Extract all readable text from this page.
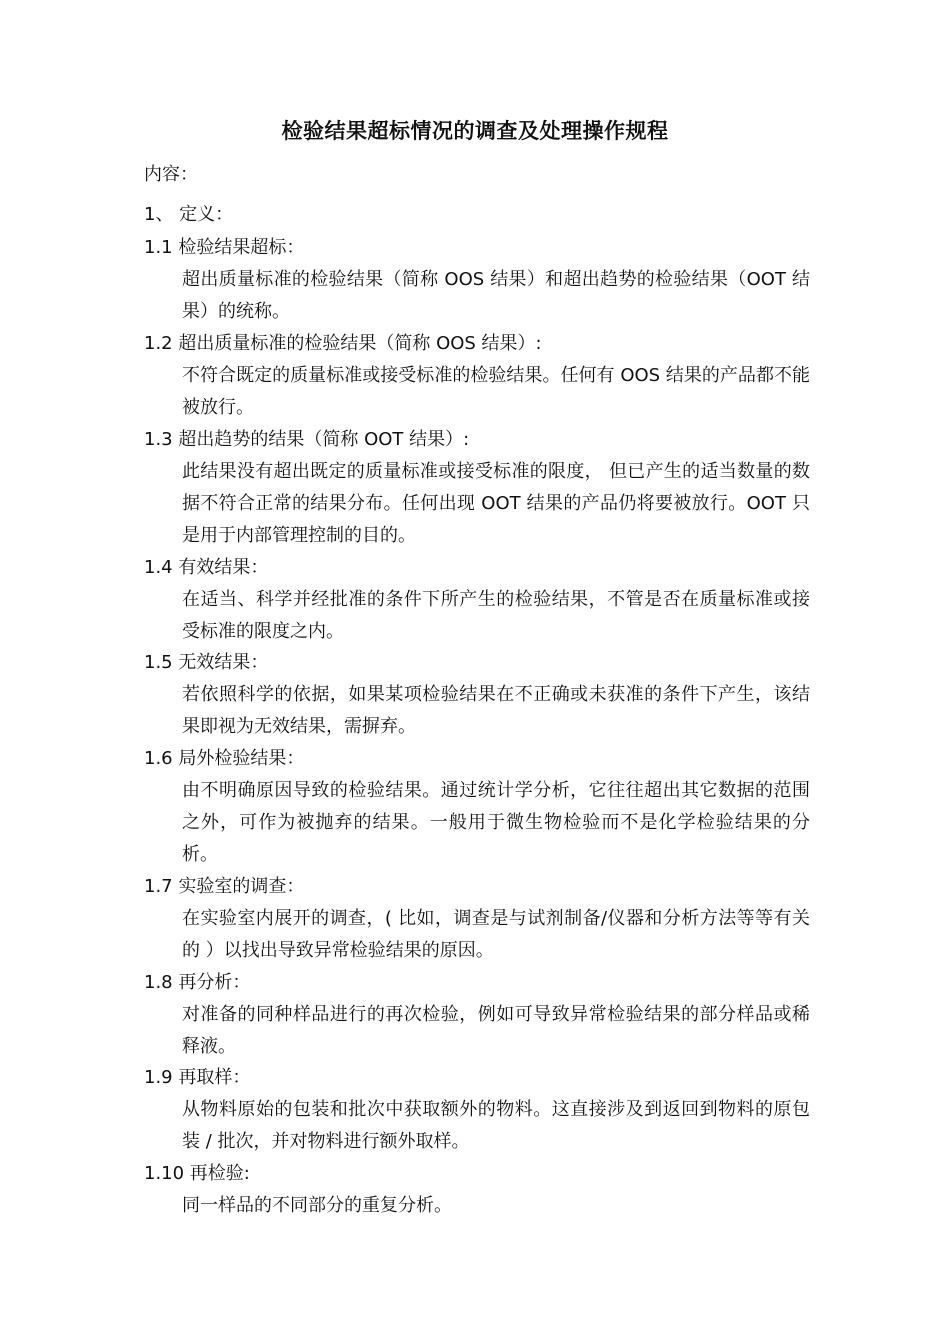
检验结果超标情况的调查及处理操作规程
内容：
1、 定义：
1.1 检验结果超标：
超出质量标准的检验结果（简称 OOS 结果）和超出趋势的检验结果（OOT 结果）的统称。
1.2 超出质量标准的检验结果（简称 OOS 结果）:
不符合既定的质量标准或接受标准的检验结果。任何有 OOS 结果的产品都不能被放行。
1.3 超出趋势的结果（简称 OOT 结果）:
此结果没有超出既定的质量标准或接受标准的限度， 但已产生的适当数量的数据不符合正常的结果分布。任何出现 OOT 结果的产品仍将要被放行。OOT 只是用于内部管理控制的目的。
1.4 有效结果：
在适当、科学并经批准的条件下所产生的检验结果，不管是否在质量标准或接受标准的限度之内。
1.5 无效结果：
若依照科学的依据，如果某项检验结果在不正确或未获准的条件下产生，该结果即视为无效结果，需摒弃。
1.6 局外检验结果：
由不明确原因导致的检验结果。通过统计学分析，它往往超出其它数据的范围之外，可作为被抛弃的结果。一般用于微生物检验而不是化学检验结果的分析。
1.7 实验室的调查：
在实验室内展开的调查，( 比如，调查是与试剂制备/仪器和分析方法等等有关的 ）以找出导致异常检验结果的原因。
1.8 再分析：
对准备的同种样品进行的再次检验，例如可导致异常检验结果的部分样品或稀释液。
1.9 再取样：
从物料原始的包装和批次中获取额外的物料。这直接涉及到返回到物料的原包装 / 批次，并对物料进行额外取样。
1.10 再检验:
同一样品的不同部分的重复分析。
